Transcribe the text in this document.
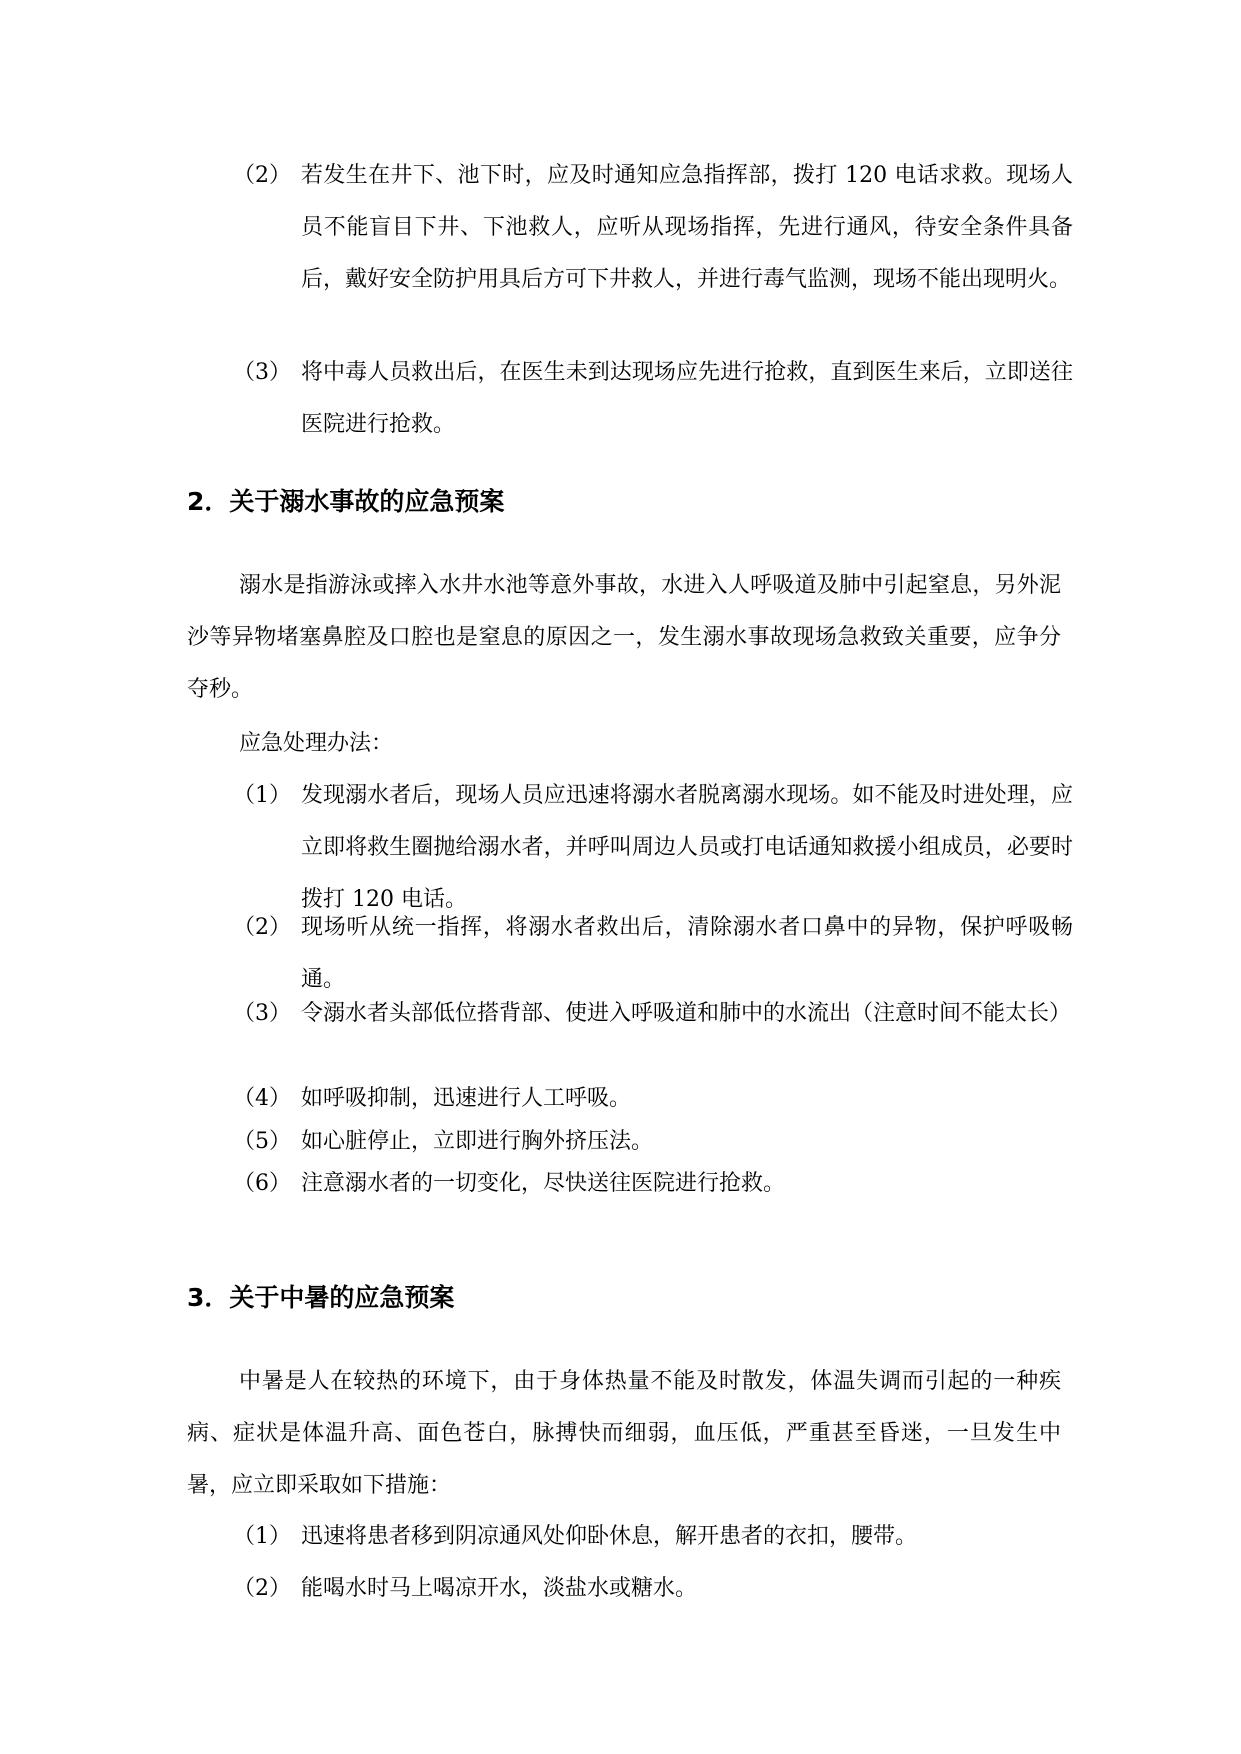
（2） 若发生在井下、池下时，应及时通知应急指挥部，拨打 120 电话求救。现场人员不能盲目下井、下池救人，应听从现场指挥，先进行通风，待安全条件具备后，戴好安全防护用具后方可下井救人，并进行毒气监测，现场不能出现明火。
（3） 将中毒人员救出后，在医生未到达现场应先进行抢救，直到医生来后，立即送往医院进行抢救。
2．关于溺水事故的应急预案

溺水是指游泳或摔入水井水池等意外事故，水进入人呼吸道及肺中引起窒息，另外泥沙等异物堵塞鼻腔及口腔也是窒息的原因之一，发生溺水事故现场急救致关重要，应争分夺秒。

应急处理办法：
（1） 发现溺水者后，现场人员应迅速将溺水者脱离溺水现场。如不能及时进处理，应立即将救生圈抛给溺水者，并呼叫周边人员或打电话通知救援小组成员，必要时拨打 120 电话。
（2） 现场听从统一指挥，将溺水者救出后，清除溺水者口鼻中的异物，保护呼吸畅通。
（3） 令溺水者头部低位搭背部、使进入呼吸道和肺中的水流出（注意时间不能太长）
（4） 如呼吸抑制，迅速进行人工呼吸。
（5） 如心脏停止，立即进行胸外挤压法。
（6） 注意溺水者的一切变化，尽快送往医院进行抢救。
3．关于中暑的应急预案

中暑是人在较热的环境下，由于身体热量不能及时散发，体温失调而引起的一种疾病、症状是体温升高、面色苍白，脉搏快而细弱，血压低，严重甚至昏迷，一旦发生中暑，应立即采取如下措施：

（1） 迅速将患者移到阴凉通风处仰卧休息，解开患者的衣扣，腰带。
（2） 能喝水时马上喝凉开水，淡盐水或糖水。
